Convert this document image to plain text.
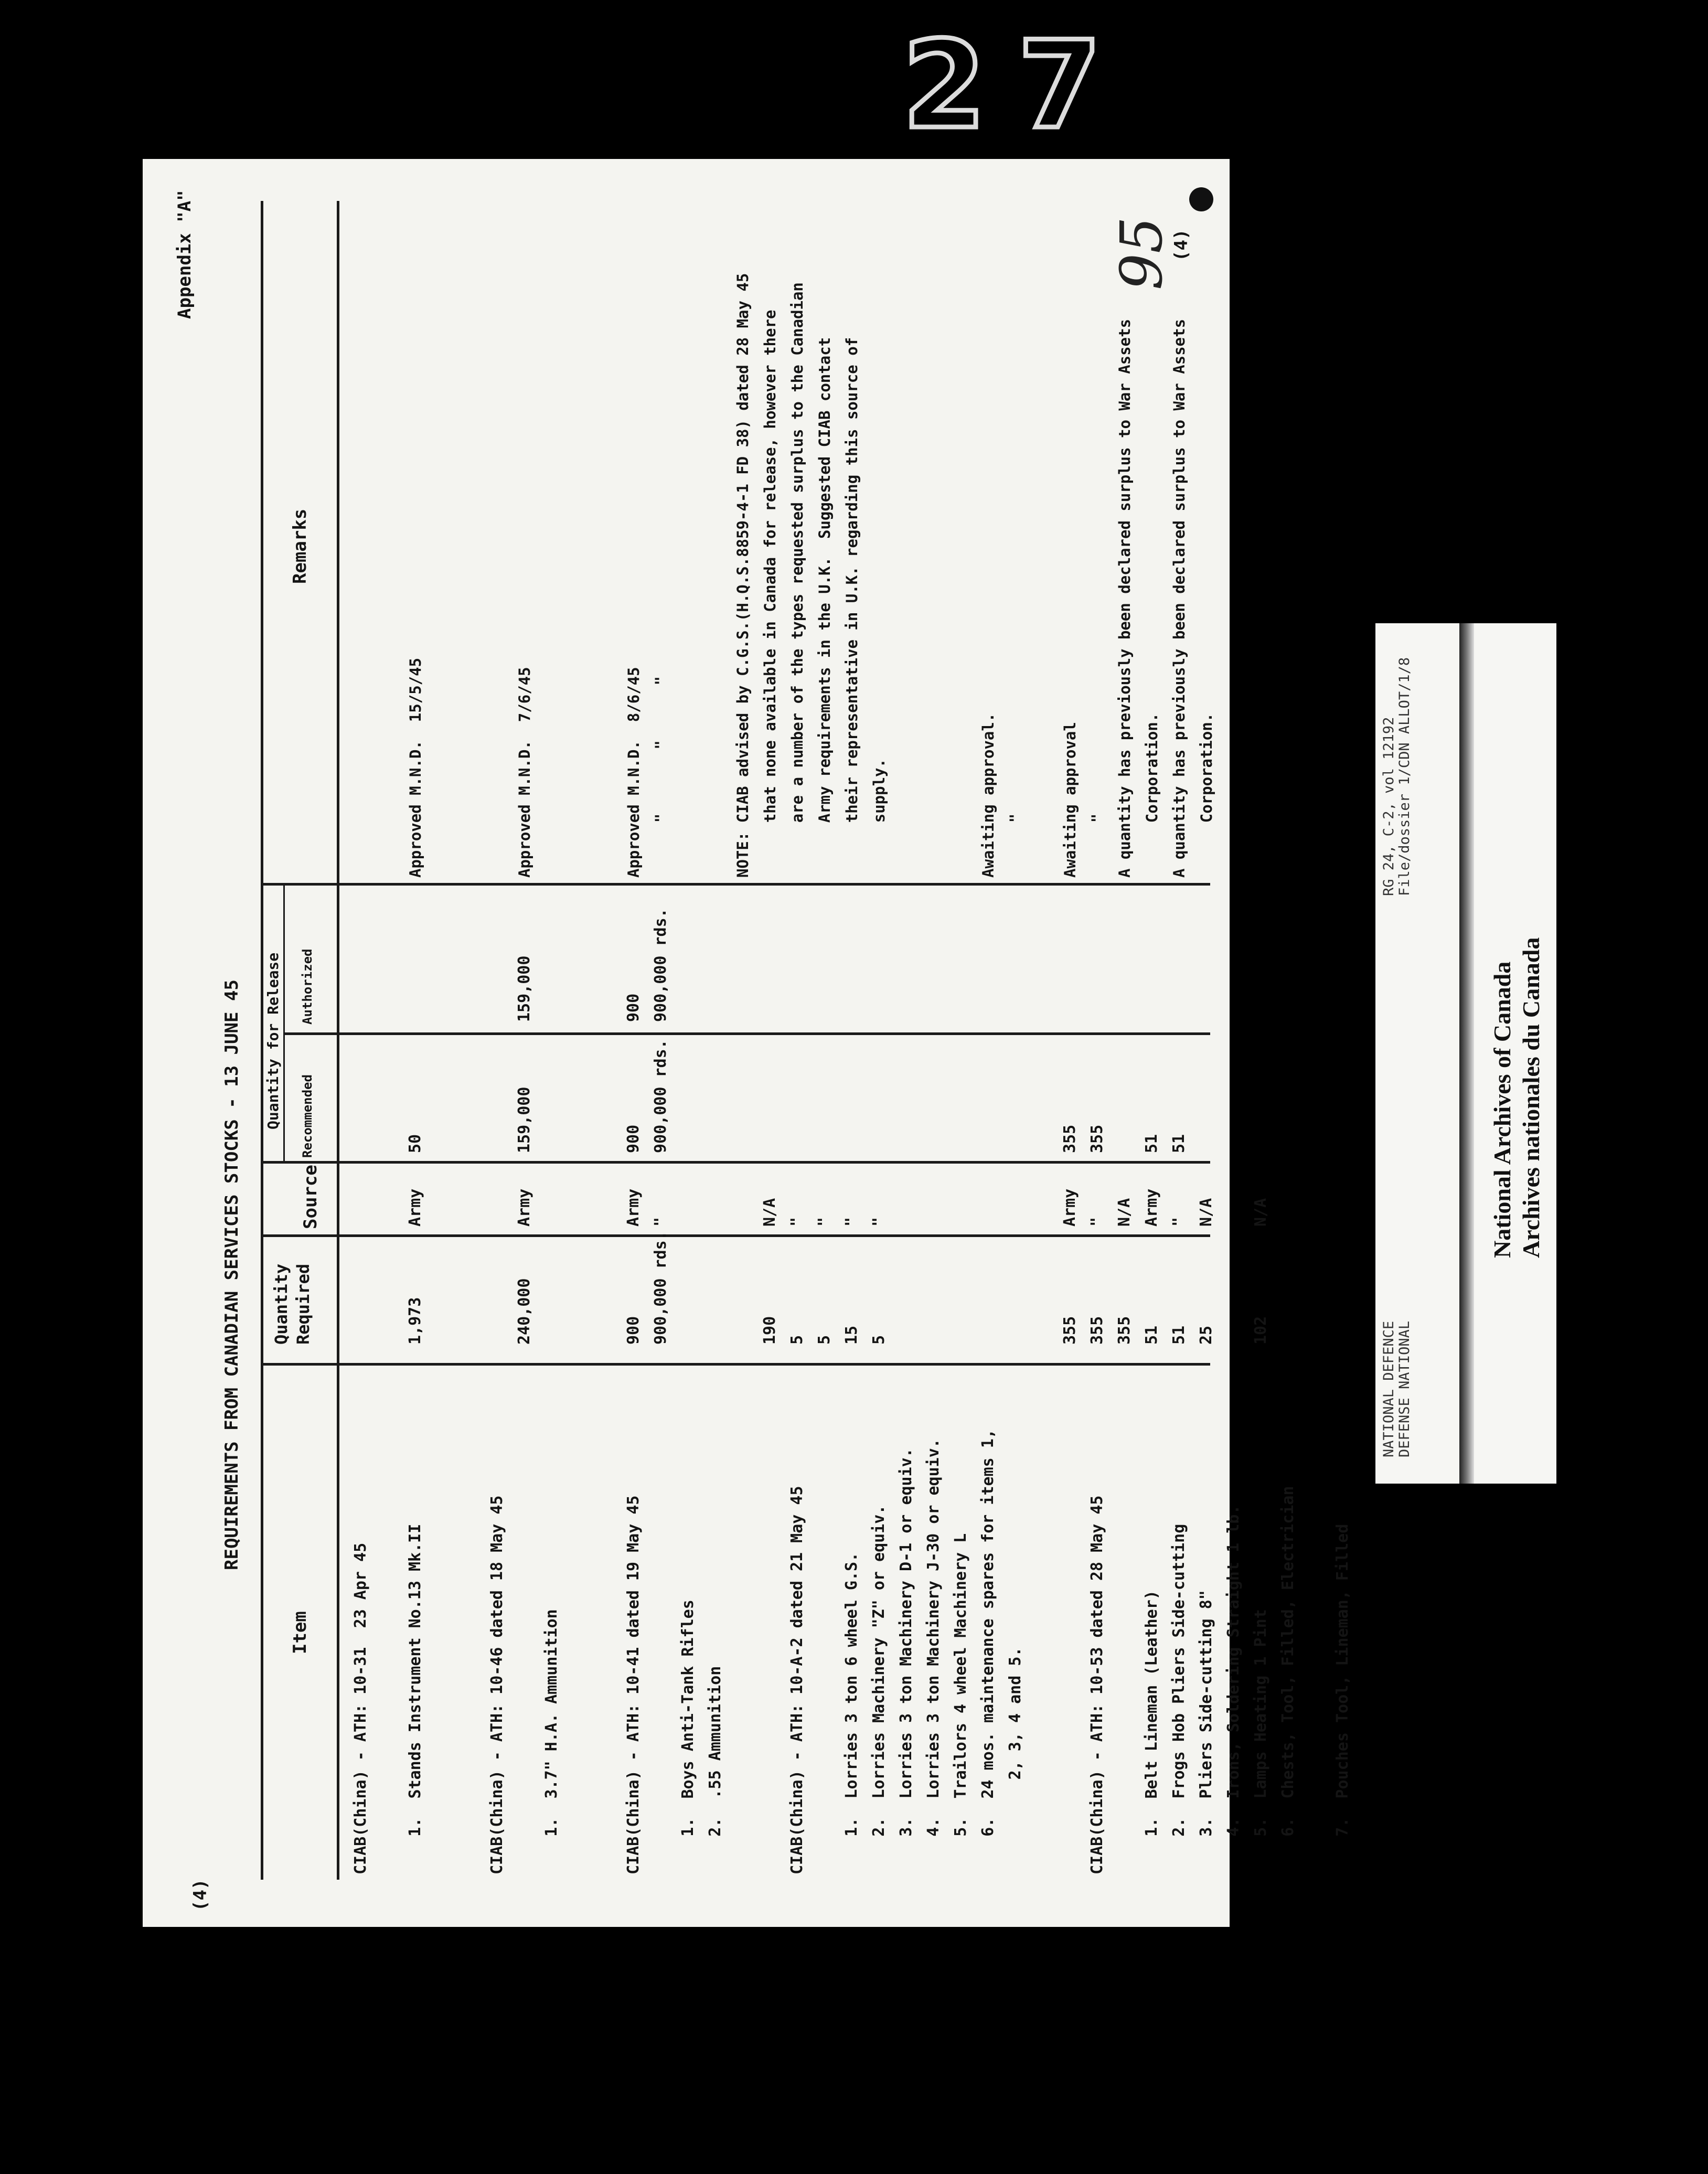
27
(4)
REQUIREMENTS FROM CANADIAN SERVICES STOCKS - 13 JUNE 45
Appendix "A"	(4)
95
Item
Quantity
Required
Source
Quantity for Release Recommended
Authorized
Remarks
CIAB(China) - ATH: 10-31  23 Apr 45

1.  Stands Instrument No.13 Mk.II

CIAB(China) - ATH: 10-46 dated 18 May 45

1.  3.7" H.A. Ammunition

CIAB(China) - ATH: 10-41 dated 19 May 45

1.  Boys Anti-Tank Rifles
2.  .55 Ammunition

CIAB(China) - ATH: 10-A-2 dated 21 May 45

1.  Lorries 3 ton 6 wheel G.S.
2.  Lorries Machinery "Z" or equiv.
3.  Lorries 3 ton Machinery D-1 or equiv.
4.  Lorries 3 ton Machinery J-30 or equiv.
5.  Trailors 4 wheel Machinery L
6.  24 mos. maintenance spares for items 1,
2, 3, 4 and 5.

CIAB(China) - ATH: 10-53 dated 28 May 45

1.  Belt Lineman (Leather)
2.  Frogs Hob Pliers Side-cutting
3.  Pliers Side-cutting 8"
4.  Irons, Soldering Straight 1 lb.
5.  Lamps Heating 1 Pint
6.  Chests, Tool, Filled, Electrician

7.  Pouches Tool, Lineman, Filled

1,973

240,000

900
900,000 rds.

190
5
5
15
5

355
355
355
51
51
25

102

Army

Army

Army
"

N/A
"
"
"
"

Army
"
N/A
Army
"
N/A

N/A

50

159,000

900
900,000 rds.

355
355

51
51

159,000

900
900,000 rds.

Approved M.N.D.  15/5/45

Approved M.N.D.  7/6/45

Approved M.N.D.  8/6/45
"       "      "

NOTE: CIAB advised by C.G.S.(H.Q.S.8859-4-1 FD 38) dated 28 May 45
that none available in Canada for release, however there
are a number of the types requested surplus to the Canadian
Army requirements in the U.K.  Suggested CIAB contact
their representative in U.K. regarding this source of
supply.

Awaiting approval.
"

Awaiting approval
"
A quantity has previously been declared surplus to War Assets
Corporation.
A quantity has previously been declared surplus to War Assets
Corporation.
NATIONAL DEFENCE DEFENSE NATIONAL
RG 24, C-2, vol 12192 File/dossier 1/CDN ALLOT/1/8
National Archives of Canada Archives nationales du Canada
